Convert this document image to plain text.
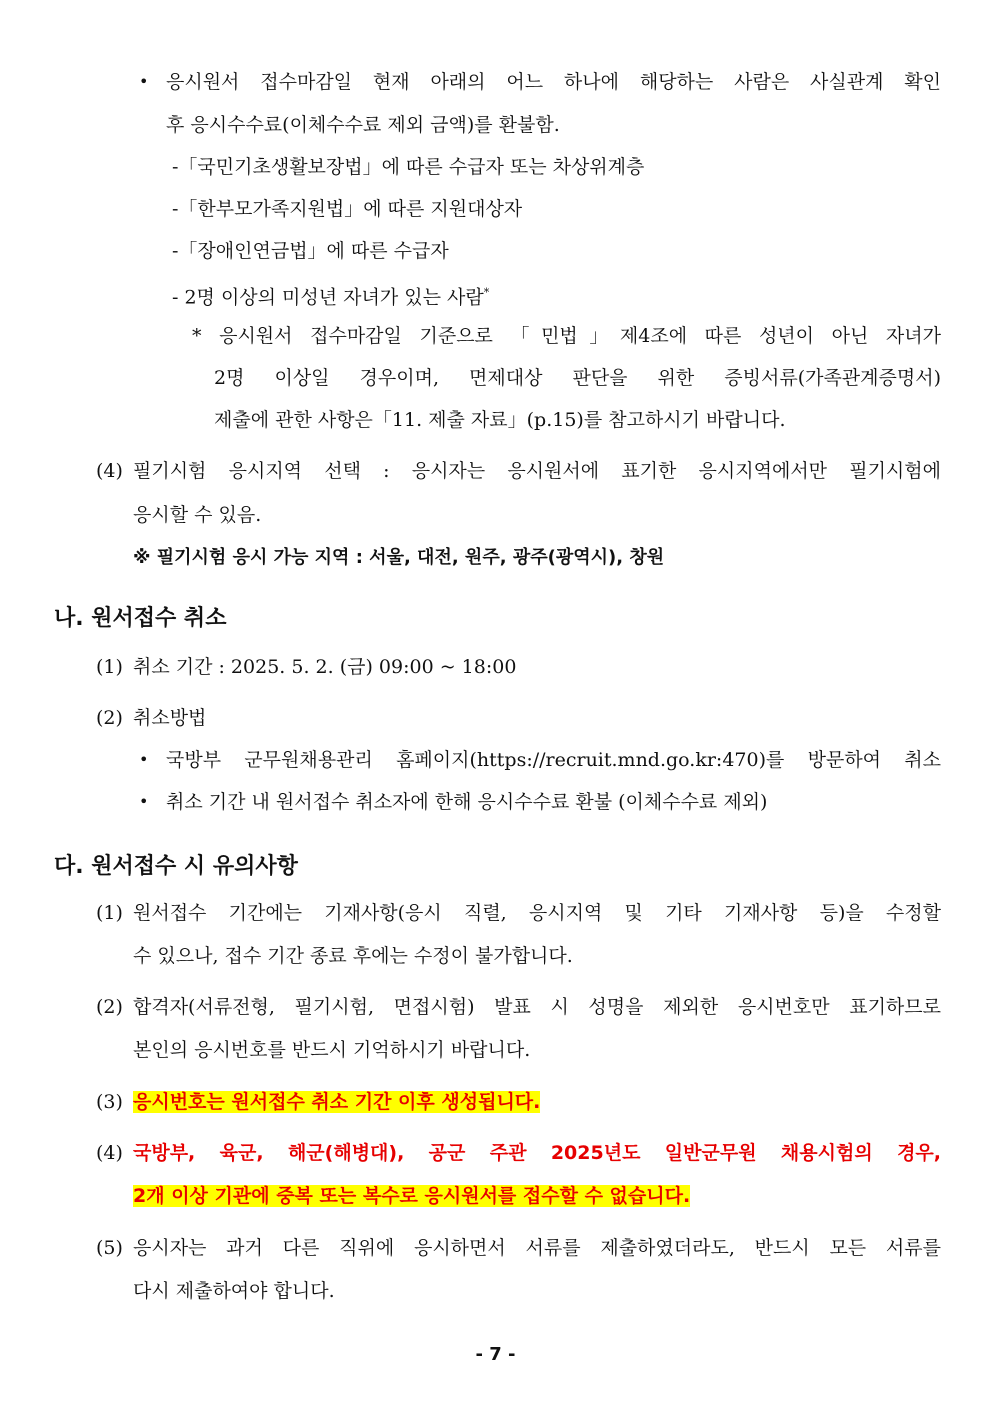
• 응시원서 접수마감일 현재 아래의 어느 하나에 해당하는 사람은 사실관계 확인
후 응시수수료(이체수수료 제외 금액)를 환불함.
-「국민기초생활보장법」에 따른 수급자 또는 차상위계층
-「한부모가족지원법」에 따른 지원대상자
-「장애인연금법」에 따른 수급자
- 2명 이상의 미성년 자녀가 있는 사람*
* 응시원서 접수마감일 기준으로 「민법」제4조에 따른 성년이 아닌 자녀가
2명 이상일 경우이며, 면제대상 판단을 위한 증빙서류(가족관계증명서)
제출에 관한 사항은「11. 제출 자료」(p.15)를 참고하시기 바랍니다.
(4) 필기시험 응시지역 선택 : 응시자는 응시원서에 표기한 응시지역에서만 필기시험에
응시할 수 있음.
※ 필기시험 응시 가능 지역 : 서울, 대전, 원주, 광주(광역시), 창원
나. 원서접수 취소
(1) 취소 기간 : 2025. 5. 2. (금) 09:00 ~ 18:00
(2) 취소방법
• 국방부 군무원채용관리 홈페이지(https://recruit.mnd.go.kr:470)를 방문하여 취소
• 취소 기간 내 원서접수 취소자에 한해 응시수수료 환불 (이체수수료 제외)
다. 원서접수 시 유의사항
(1) 원서접수 기간에는 기재사항(응시 직렬, 응시지역 및 기타 기재사항 등)을 수정할
수 있으나, 접수 기간 종료 후에는 수정이 불가합니다.
(2) 합격자(서류전형, 필기시험, 면접시험) 발표 시 성명을 제외한 응시번호만 표기하므로
본인의 응시번호를 반드시 기억하시기 바랍니다.
(3) 응시번호는 원서접수 취소 기간 이후 생성됩니다.
(4) 국방부, 육군, 해군(해병대), 공군 주관 2025년도 일반군무원 채용시험의 경우,
2개 이상 기관에 중복 또는 복수로 응시원서를 접수할 수 없습니다.
(5) 응시자는 과거 다른 직위에 응시하면서 서류를 제출하였더라도, 반드시 모든 서류를
다시 제출하여야 합니다.
- 7 -
